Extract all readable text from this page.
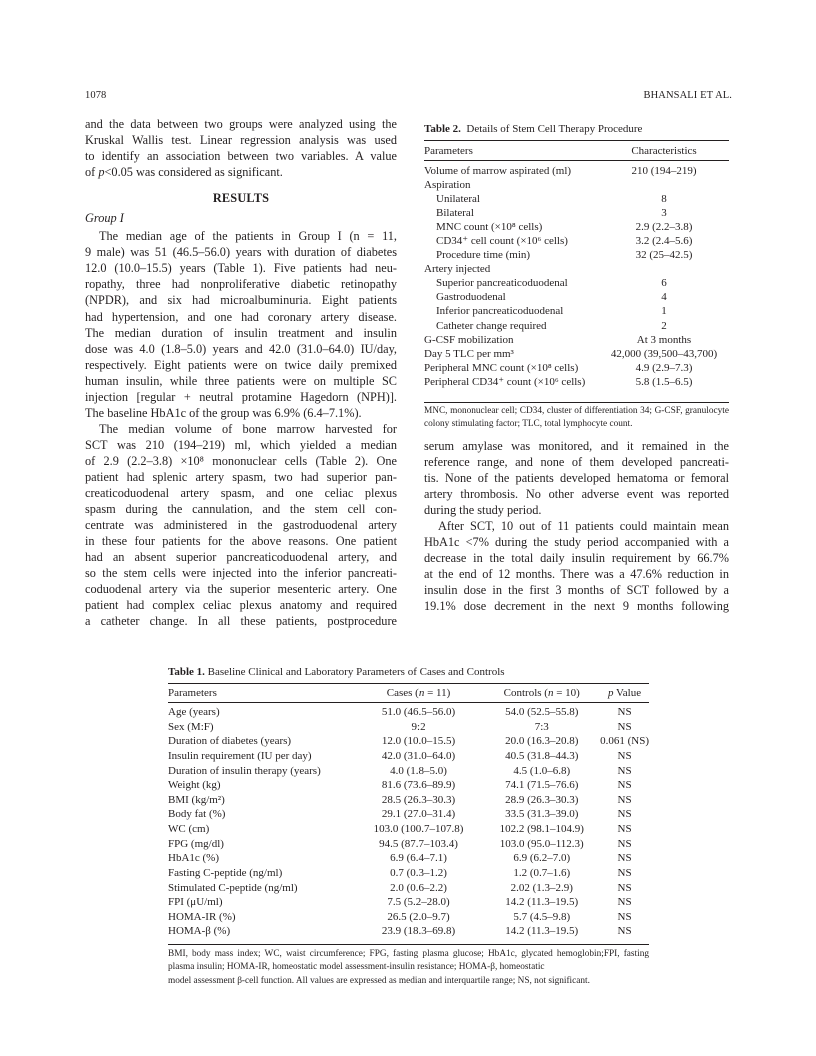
1078	BHANSALI ET AL.
and the data between two groups were analyzed using the
Kruskal Wallis test. Linear regression analysis was used
to identify an association between two variables. A value
of p<0.05 was considered as significant.
RESULTS
Group I
The median age of the patients in Group I (n = 11,
9 male) was 51 (46.5–56.0) years with duration of diabetes
12.0 (10.0–15.5) years (Table 1). Five patients had neu-
ropathy, three had nonproliferative diabetic retinopathy
(NPDR), and six had microalbuminuria. Eight patients
had hypertension, and one had coronary artery disease.
The median duration of insulin treatment and insulin
dose was 4.0 (1.8–5.0) years and 42.0 (31.0–64.0) IU/day,
respectively. Eight patients were on twice daily premixed
human insulin, while three patients were on multiple SC
injection [regular + neutral protamine Hagedorn (NPH)].
The baseline HbA1c of the group was 6.9% (6.4–7.1%).
The median volume of bone marrow harvested for
SCT was 210 (194–219) ml, which yielded a median
of 2.9 (2.2–3.8) ×10⁸ mononuclear cells (Table 2). One
patient had splenic artery spasm, two had superior pan-
creaticoduodenal artery spasm, and one celiac plexus
spasm during the cannulation, and the stem cell con-
centrate was administered in the gastroduodenal artery
in these four patients for the above reasons. One patient
had an absent superior pancreaticoduodenal artery, and
so the stem cells were injected into the inferior pancreati-
coduodenal artery via the superior mesenteric artery. One
patient had complex celiac plexus anatomy and required
a catheter change. In all these patients, postprocedure
Table 2. Details of Stem Cell Therapy Procedure
Parameters	Characteristics
Volume of marrow aspirated (ml)	210 (194–219)
Aspiration	
Unilateral	8
Bilateral	3
MNC count (×10⁸ cells)	2.9 (2.2–3.8)
CD34⁺ cell count (×10⁶ cells)	3.2 (2.4–5.6)
Procedure time (min)	32 (25–42.5)
Artery injected	
Superior pancreaticoduodenal	6
Gastroduodenal	4
Inferior pancreaticoduodenal	1
Catheter change required	2
G-CSF mobilization	At 3 months
Day 5 TLC per mm³	42,000 (39,500–43,700)
Peripheral MNC count (×10⁸ cells)	4.9 (2.9–7.3)
Peripheral CD34⁺ count (×10⁶ cells)	5.8 (1.5–6.5)
MNC, mononuclear cell; CD34, cluster of differentiation 34; G-CSF, granulocyte colony stimulating factor; TLC, total lymphocyte count.
serum amylase was monitored, and it remained in the
reference range, and none of them developed pancreati-
tis. None of the patients developed hematoma or femoral
artery thrombosis. No other adverse event was reported
during the study period.
After SCT, 10 out of 11 patients could maintain mean
HbA1c <7% during the study period accompanied with a
decrease in the total daily insulin requirement by 66.7%
at the end of 12 months. There was a 47.6% reduction in
insulin dose in the first 3 months of SCT followed by a
19.1% dose decrement in the next 9 months following
Table 1. Baseline Clinical and Laboratory Parameters of Cases and Controls
Parameters	Cases (n = 11)	Controls (n = 10)	p Value
Age (years)	51.0 (46.5–56.0)	54.0 (52.5–55.8)	NS
Sex (M:F)	9:2	7:3	NS
Duration of diabetes (years)	12.0 (10.0–15.5)	20.0 (16.3–20.8)	0.061 (NS)
Insulin requirement (IU per day)	42.0 (31.0–64.0)	40.5 (31.8–44.3)	NS
Duration of insulin therapy (years)	4.0 (1.8–5.0)	4.5 (1.0–6.8)	NS
Weight (kg)	81.6 (73.6–89.9)	74.1 (71.5–76.6)	NS
BMI (kg/m²)	28.5 (26.3–30.3)	28.9 (26.3–30.3)	NS
Body fat (%)	29.1 (27.0–31.4)	33.5 (31.3–39.0)	NS
WC (cm)	103.0 (100.7–107.8)	102.2 (98.1–104.9)	NS
FPG (mg/dl)	94.5 (87.7–103.4)	103.0 (95.0–112.3)	NS
HbA1c (%)	6.9 (6.4–7.1)	6.9 (6.2–7.0)	NS
Fasting C-peptide (ng/ml)	0.7 (0.3–1.2)	1.2 (0.7–1.6)	NS
Stimulated C-peptide (ng/ml)	2.0 (0.6–2.2)	2.02 (1.3–2.9)	NS
FPI (μU/ml)	7.5 (5.2–28.0)	14.2 (11.3–19.5)	NS
HOMA-IR (%)	26.5 (2.0–9.7)	5.7 (4.5–9.8)	NS
HOMA-β (%)	23.9 (18.3–69.8)	14.2 (11.3–19.5)	NS
BMI, body mass index; WC, waist circumference; FPG, fasting plasma glucose; HbA1c, glycated hemoglobin;FPI, fasting plasma insulin; HOMA-IR, homeostatic model assessment-insulin resistance; HOMA-β, homeostatic
model assessment β-cell function. All values are expressed as median and interquartile range; NS, not significant.
